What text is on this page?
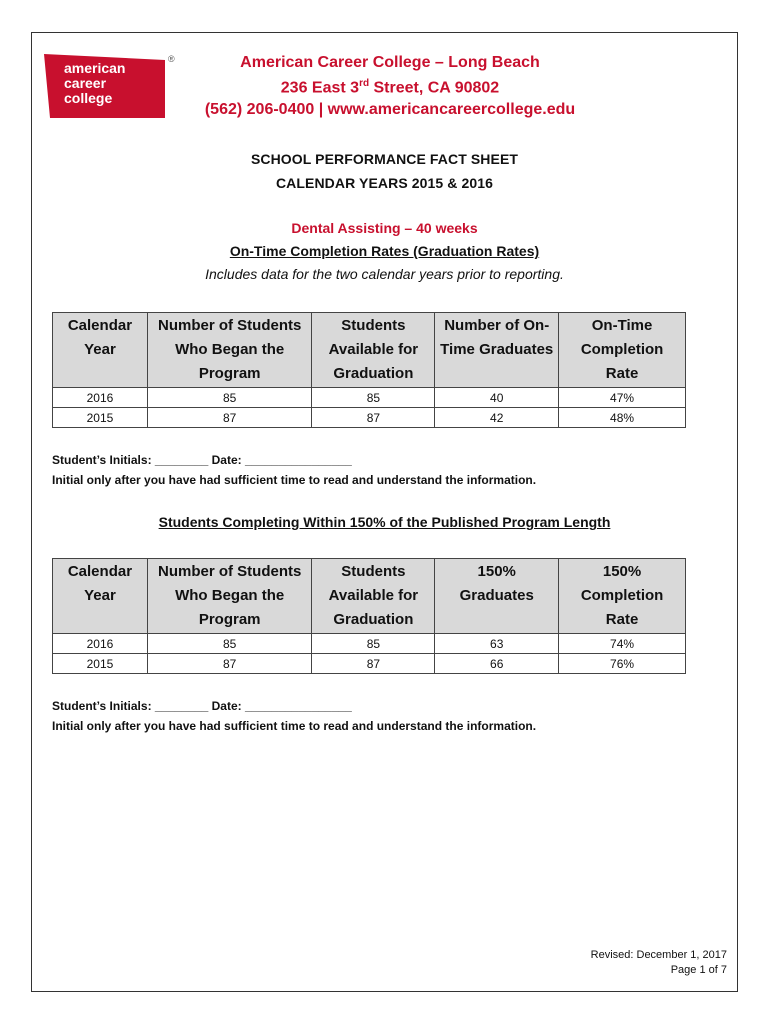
american
career
college
®	American Career College – Long Beach
236 East 3rd Street, CA 90802
(562) 206-0400 | www.americancareercollege.edu
SCHOOL PERFORMANCE FACT SHEET
CALENDAR YEARS 2015 & 2016
Dental Assisting – 40 weeks
On-Time Completion Rates (Graduation Rates)
Includes data for the two calendar years prior to reporting.
Calendar Year	Number of Students Who Began the Program	Students Available for Graduation	Number of On-Time Graduates	On-Time Completion Rate
2016	85	85	40	47%
2015	87	87	42	48%
Student’s Initials: ________ Date: ________________
Initial only after you have had sufficient time to read and understand the information.
Students Completing Within 150% of the Published Program Length
Calendar Year	Number of Students Who Began the Program	Students Available for Graduation	150% Graduates	150% Completion Rate
2016	85	85	63	74%
2015	87	87	66	76%
Student’s Initials: ________ Date: ________________
Initial only after you have had sufficient time to read and understand the information.
Revised: December 1, 2017
Page 1 of 7
